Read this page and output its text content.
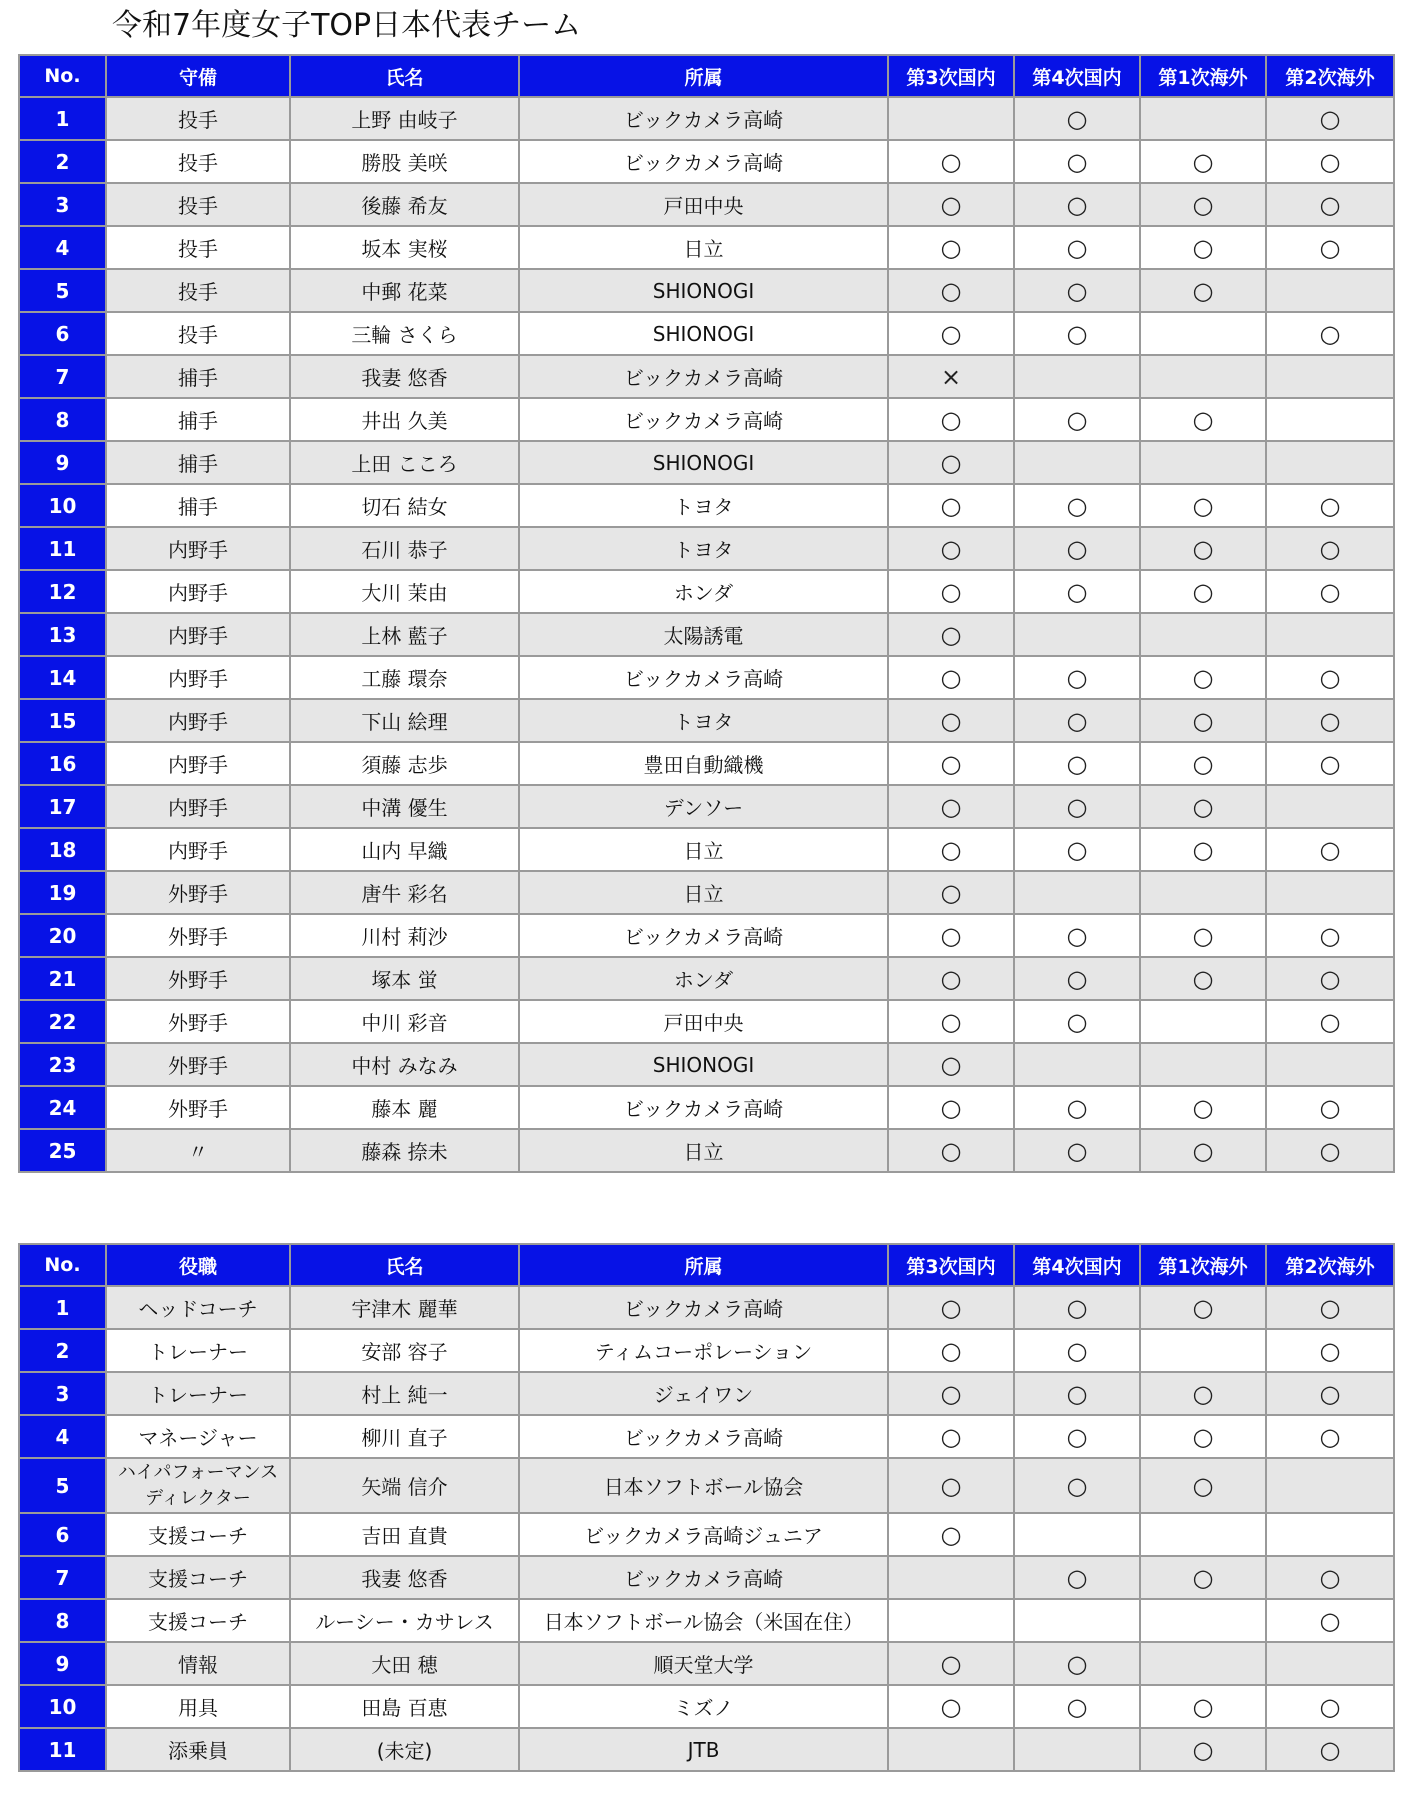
令和7年度女子TOP日本代表チーム
No.	守備	氏名	所属	第3次国内	第4次国内	第1次海外	第2次海外
1	投手	上野 由岐子	ビックカメラ高崎		○		○
2	投手	勝股 美咲	ビックカメラ高崎	○	○	○	○
3	投手	後藤 希友	戸田中央	○	○	○	○
4	投手	坂本 実桜	日立	○	○	○	○
5	投手	中郵 花菜	SHIONOGI	○	○	○	
6	投手	三輪 さくら	SHIONOGI	○	○		○
7	捕手	我妻 悠香	ビックカメラ高崎	×			
8	捕手	井出 久美	ビックカメラ高崎	○	○	○	
9	捕手	上田 こころ	SHIONOGI	○			
10	捕手	切石 結女	トヨタ	○	○	○	○
11	内野手	石川 恭子	トヨタ	○	○	○	○
12	内野手	大川 茉由	ホンダ	○	○	○	○
13	内野手	上林 藍子	太陽誘電	○			
14	内野手	工藤 環奈	ビックカメラ高崎	○	○	○	○
15	内野手	下山 絵理	トヨタ	○	○	○	○
16	内野手	須藤 志歩	豊田自動織機	○	○	○	○
17	内野手	中溝 優生	デンソー	○	○	○	
18	内野手	山内 早織	日立	○	○	○	○
19	外野手	唐牛 彩名	日立	○			
20	外野手	川村 莉沙	ビックカメラ高崎	○	○	○	○
21	外野手	塚本 蛍	ホンダ	○	○	○	○
22	外野手	中川 彩音	戸田中央	○	○		○
23	外野手	中村 みなみ	SHIONOGI	○			
24	外野手	藤本 麗	ビックカメラ高崎	○	○	○	○
25	〃	藤森 捺未	日立	○	○	○	○
No.	役職	氏名	所属	第3次国内	第4次国内	第1次海外	第2次海外
1	ヘッドコーチ	宇津木 麗華	ビックカメラ高崎	○	○	○	○
2	トレーナー	安部 容子	ティムコーポレーション	○	○		○
3	トレーナー	村上 純一	ジェイワン	○	○	○	○
4	マネージャー	柳川 直子	ビックカメラ高崎	○	○	○	○
5	ハイパフォーマンス ディレクター	矢端 信介	日本ソフトボール協会	○	○	○	
6	支援コーチ	吉田 直貴	ビックカメラ高崎ジュニア	○			
7	支援コーチ	我妻 悠香	ビックカメラ高崎		○	○	○
8	支援コーチ	ルーシー・カサレス	日本ソフトボール協会（米国在住）				○
9	情報	大田 穂	順天堂大学	○	○		
10	用具	田島 百恵	ミズノ	○	○	○	○
11	添乗員	(未定)	JTB			○	○
